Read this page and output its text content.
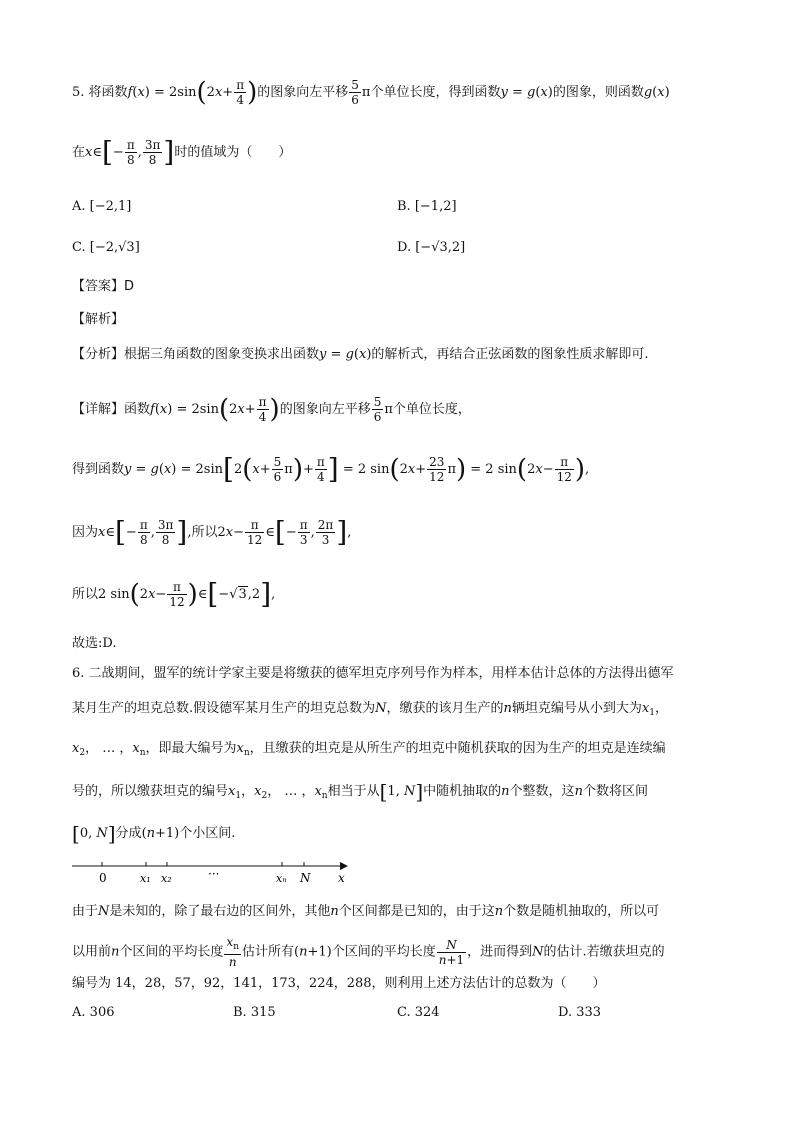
5. 将函数$f(x) = 2\sin(2x+ \frac{\pi}{4}$ )的图象向左平移 $\frac{5}{6}$ π个单位长度，得到函数y = g(x)的图象，则函数g(x)
在x∈[− $\frac{\pi}{8}$ , $\frac{3\pi}{8}$ ]时的值域为（　　）
A. [−2,1]	B. [−1,2]
C. [−2,√3]	D. [−√3,2]
【答案】D
【解析】
【分析】根据三角函数的图象变换求出函数y = g(x)的解析式，再结合正弦函数的图象性质求解即可.
【详解】函数$f(x) = 2\sin(2x+ \frac{\pi}{4}$ )的图象向左平移 $\frac{5}{6}$ π个单位长度，
得到函数$y = g(x) = 2\sin[2(x+ \frac{5}{6} \pi)+ \frac{\pi}{4}$ ] = 2 $\sin(2x+ \frac{23}{12} \pi) = 2$ $\sin(2x- \frac{\pi}{12}$ ),
因为x∈[− $\frac{\pi}{8}$ , $\frac{3\pi}{8}$ ],所以$2x- \frac{\pi}{12}$ ∈[− $\frac{\pi}{3}$ , $\frac{2\pi}{3}$ ],
所以2 $\sin(2x- \frac{\pi}{12}$ )∈[−√3,2],
故选:D.
6. 二战期间，盟军的统计学家主要是将缴获的德军坦克序列号作为样本，用样本估计总体的方法得出德军
某月生产的坦克总数.假设德军某月生产的坦克总数为N，缴获的该月生产的n辆坦克编号从小到大为$x_1$，
$x_2$， … ，$x_n$，即最大编号为$x_n$，且缴获的坦克是从所生产的坦克中随机获取的因为生产的坦克是连续编
号的，所以缴获坦克的编号$x_1$，$x_2$， … ，$x_n$相当于从[1, N]中随机抽取的n个整数，这n个数将区间
[0, N]分成(n+1)个小区间.
0	x₁ x₂	···	xₙ N x
由于N是未知的，除了最右边的区间外，其他n个区间都是已知的，由于这n个数是随机抽取的，所以可
以用前n个区间的平均长度 $\frac{x_n}{n}$ 估计所有(n+1)个区间的平均长度 $\frac{N}{n+1}$ ，进而得到N的估计.若缴获坦克的
编号为 14，28，57，92，141，173，224，288，则利用上述方法估计的总数为（　　）
A. 306	B. 315	C. 324	D. 333
